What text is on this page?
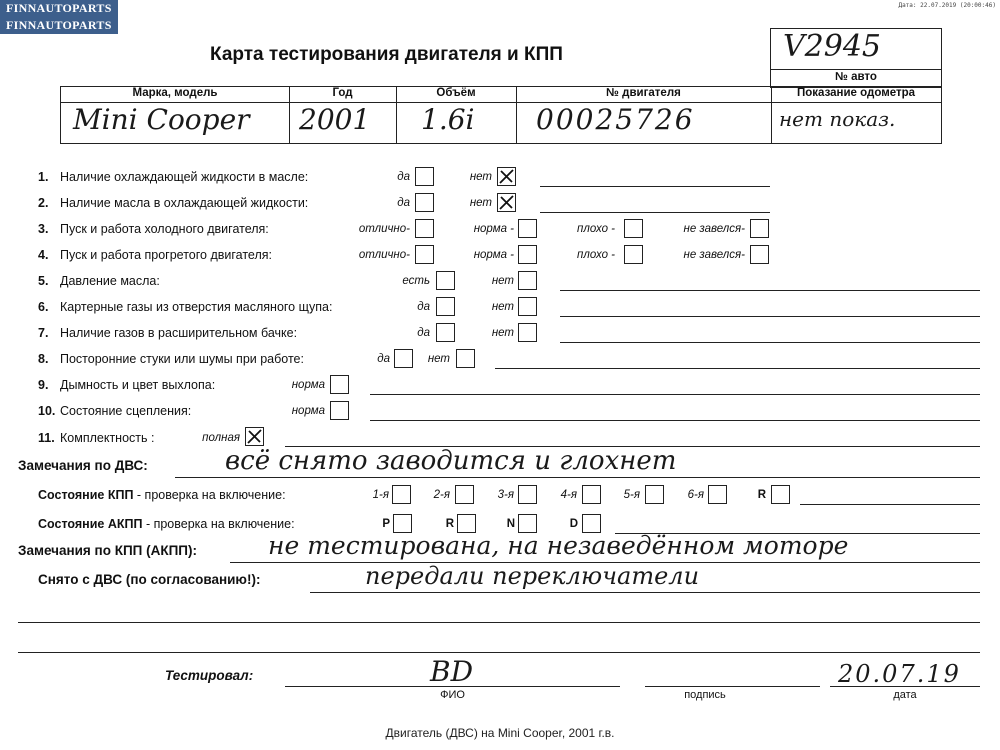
FINNAUTOPARTS
FINNAUTOPARTS
Дата: 22.07.2019 (20:00:46)
Карта тестирования двигателя и КПП	V2945
№ авто
Марка, модель	Год	Объём	№ двигателя	Показание одометра
Mini Cooper 2001 1.6i 00025726	нет показ.
1. Наличие охлаждающей жидкости в масле:	да	нет
2. Наличие масла в охлаждающей жидкости:	да	нет
3. Пуск и работа холодного двигателя:	отлично-	норма -	плохо -	не завелся-
4. Пуск и работа прогретого двигателя:	отлично-	норма -	плохо -	не завелся-
5. Давление масла:	есть	нет
6. Картерные газы из отверстия масляного щупа:	да	нет
7. Наличие газов в расширительном бачке:	да	нет
8. Посторонние стуки или шумы при работе:	да	нет
9. Дымность и цвет выхлопа:	норма
10. Состояние сцепления:	норма
11. Комплектность :	полная
Замечания по ДВС:	всё снято заводится и глохнет
Состояние КПП - проверка на включение:	1-я	2-я	3-я	4-я	5-я	6-я	R
Состояние АКПП - проверка на включение:	P	R	N	D
Замечания по КПП (АКПП):	не тестирована, на незаведённом моторе
Снято с ДВС (по согласованию!):	передали переключатели
Тестировал:	BD	20.07.19
ФИО	подпись	дата
Двигатель (ДВС) на Mini Cooper, 2001 г.в.
